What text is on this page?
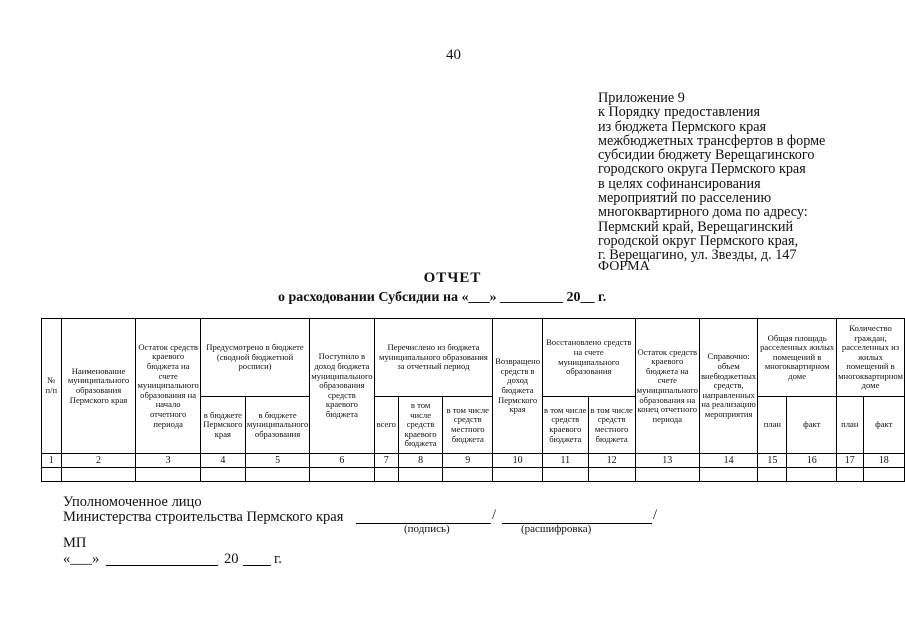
40
Приложение 9
к Порядку предоставления
из бюджета Пермского края
межбюджетных трансфертов в форме
субсидии бюджету Верещагинского
городского округа Пермского края
в целях софинансирования
мероприятий по расселению
многоквартирного дома по адресу:
Пермский край, Верещагинский
городской округ Пермского края,
г. Верещагино, ул. Звезды, д. 147
ФОРМА
ОТЧЕТ
о расходовании Субсидии на «___» _________ 20__ г.
№ п/п	Наименование муниципального образования Пермского края	Остаток средств краевого бюджета на счете муниципального образования на начало отчетного периода	Предусмотрено в бюджете (сводной бюджетной росписи)		Поступило в доход бюджета муниципального образования средств краевого бюджета	Перечислено из бюджета муниципального образования за отчетный период			Возвращено средств в доход бюджета Пермского края	Восстановлено средств на счете муниципального образования		Остаток средств краевого бюджета на счете муниципального образования на конец отчетного периода	Справочно: объем внебюджетных средств, направленных на реализацию мероприятия	Общая площадь расселенных жилых помещений в многоквартирном доме		Количество граждан, расселенных из жилых помещений в многоквартирном доме	
			в бюджете Пермского края	в бюджете муниципального образования		всего	в том числе средств краевого бюджета	в том числе средств местного бюджета		в том числе средств краевого бюджета	в том числе средств местного бюджета			план	факт	план	факт
1	2	3	4	5	6	7	8	9	10	11	12	13	14	15	16	17	18

Уполномоченное лицо
Министерства строительства Пермского края	/	/
(подпись)	(расшифровка)
МП
«___»	20 г.
